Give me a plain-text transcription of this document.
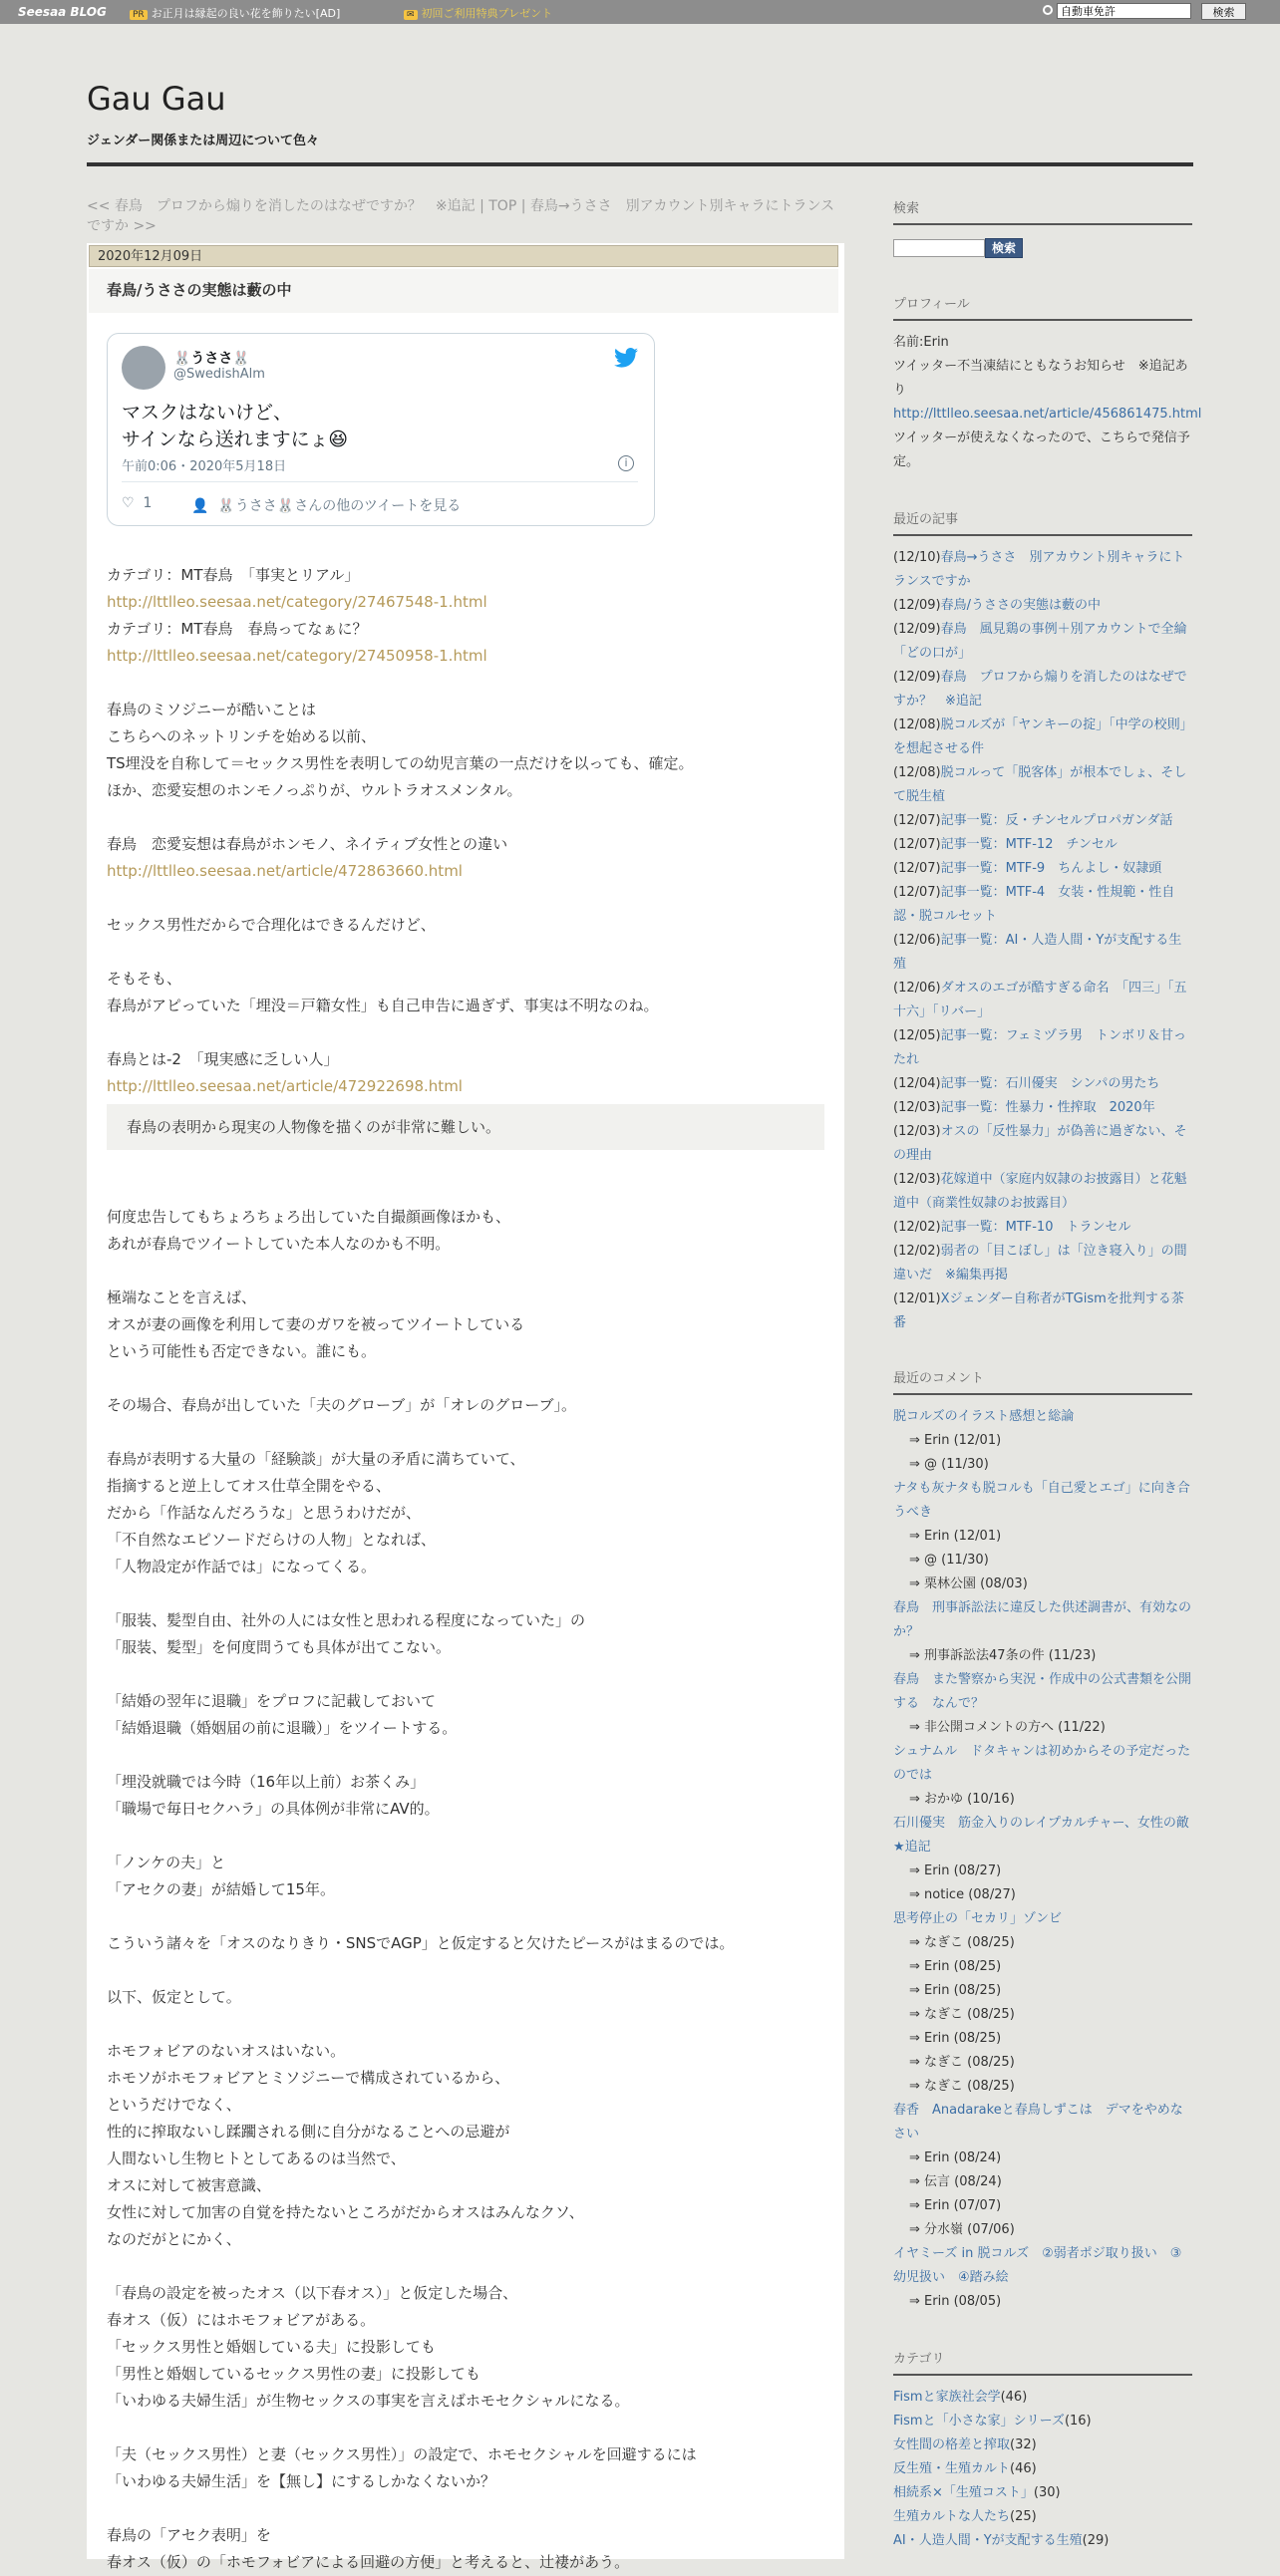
Seesaa BLOG	PR お正月は縁起の良い花を飾りたい[AD]	✉ 初回ご利用特典プレゼント
自動車免許	検索
Gau Gau
ジェンダー関係または周辺について色々
<< 春鳥　プロフから煽りを消したのはなぜですか？　※追記 | TOP | 春鳥→うささ　別アカウント別キャラにトランスですか >>
2020年12月09日
春鳥/うささの実態は藪の中
🐰うささ🐰
@SwedishAlm
マスクはないけど、
サインなら送れますにょ😆
午前0:06・2020年5月18日	i
♡ 1	👤 🐰うささ🐰さんの他のツイートを見る

カテゴリ：MT春鳥　「事実とリアル」

http://lttlleo.seesaa.net/category/27467548-1.html

カテゴリ：MT春鳥　春鳥ってなぁに？

http://lttlleo.seesaa.net/category/27450958-1.html

春鳥のミソジニーが酷いことは

こちらへのネットリンチを始める以前、

TS埋没を自称して＝セックス男性を表明しての幼児言葉の一点だけを以っても、確定。

ほか、恋愛妄想のホンモノっぷりが、ウルトラオスメンタル。

春鳥　恋愛妄想は春鳥がホンモノ、ネイティブ女性との違い

http://lttlleo.seesaa.net/article/472863660.html

セックス男性だからで合理化はできるんだけど、

そもそも、

春鳥がアピっていた「埋没＝戸籍女性」も自己申告に過ぎず、事実は不明なのね。

春鳥とは-2　「現実感に乏しい人」

http://lttlleo.seesaa.net/article/472922698.html

春鳥の表明から現実の人物像を描くのが非常に難しい。

何度忠告してもちょろちょろ出していた自撮顔画像ほかも、

あれが春鳥でツイートしていた本人なのかも不明。

極端なことを言えば、

オスが妻の画像を利用して妻のガワを被ってツイートしている

という可能性も否定できない。誰にも。

その場合、春鳥が出していた「夫のグローブ」が「オレのグローブ」。

春鳥が表明する大量の「経験談」が大量の矛盾に満ちていて、

指摘すると逆上してオス仕草全開をやる、

だから「作話なんだろうな」と思うわけだが、

「不自然なエピソードだらけの人物」となれば、

「人物設定が作話では」になってくる。

「服装、髪型自由、社外の人には女性と思われる程度になっていた」の

「服装、髪型」を何度問うても具体が出てこない。

「結婚の翌年に退職」をプロフに記載しておいて

「結婚退職（婚姻届の前に退職）」をツイートする。

「埋没就職では今時（16年以上前）お茶くみ」

「職場で毎日セクハラ」の具体例が非常にAV的。

「ノンケの夫」と

「アセクの妻」が結婚して15年。

こういう諸々を「オスのなりきり・SNSでAGP」と仮定すると欠けたピースがはまるのでは。

以下、仮定として。

ホモフォビアのないオスはいない。

ホモソがホモフォビアとミソジニーで構成されているから、

というだけでなく、

性的に搾取ないし蹂躙される側に自分がなることへの忌避が

人間ないし生物ヒトとしてあるのは当然で、

オスに対して被害意識、

女性に対して加害の自覚を持たないところがだからオスはみんなクソ、

なのだがとにかく、

「春鳥の設定を被ったオス（以下春オス）」と仮定した場合、

春オス（仮）にはホモフォビアがある。

「セックス男性と婚姻している夫」に投影しても

「男性と婚姻しているセックス男性の妻」に投影しても

「いわゆる夫婦生活」が生物セックスの事実を言えばホモセクシャルになる。

「夫（セックス男性）と妻（セックス男性）」の設定で、ホモセクシャルを回避するには

「いわゆる夫婦生活」を【無し】にするしかなくないか？

春鳥の「アセク表明」を

春オス（仮）の「ホモフォビアによる回避の方便」と考えると、辻褄があう。

検索
検索
プロフィール
名前:Erin
ツイッター不当凍結にともなうお知らせ　※追記あり
http://lttlleo.seesaa.net/article/456861475.html
ツイッターが使えなくなったので、こちらで発信予定。
最近の記事
(12/10)春鳥→うささ　別アカウント別キャラにトランスですか
(12/09)春鳥/うささの実態は藪の中
(12/09)春鳥　風見鶏の事例＋別アカウントで全綸「どの口が」
(12/09)春鳥　プロフから煽りを消したのはなぜですか？　※追記
(12/08)脱コルズが「ヤンキーの掟」「中学の校則」を想起させる件
(12/08)脱コルって「脱客体」が根本でしょ、そして脱生植
(12/07)記事一覧：反・チンセルプロパガンダ話
(12/07)記事一覧：MTF-12　チンセル
(12/07)記事一覧：MTF-9　ちんよし・奴隷頭
(12/07)記事一覧：MTF-4　女装・性規範・性自認・脱コルセット
(12/06)記事一覧：AI・人造人間・Yが支配する生殖
(12/06)ダオスのエゴが酷すぎる命名　「四三」「五十六」「リバー」
(12/05)記事一覧：フェミヅラ男　トンボリ＆甘ったれ
(12/04)記事一覧：石川優実　シンパの男たち
(12/03)記事一覧：性暴力・性搾取　2020年
(12/03)オスの「反性暴力」が偽善に過ぎない、その理由
(12/03)花嫁道中（家庭内奴隷のお披露目）と花魁道中（商業性奴隷のお披露目）
(12/02)記事一覧：MTF-10　トランセル
(12/02)弱者の「目こぼし」は「泣き寝入り」の間違いだ　※編集再掲
(12/01)Xジェンダー自称者がTGismを批判する茶番
最近のコメント
脱コルズのイラスト感想と総論
⇒ Erin (12/01)
⇒ @ (11/30)
ナタも灰ナタも脱コルも「自己愛とエゴ」に向き合うべき
⇒ Erin (12/01)
⇒ @ (11/30)
⇒ 栗林公園 (08/03)
春鳥　刑事訴訟法に違反した供述調書が、有効なのか？
⇒ 刑事訴訟法47条の件 (11/23)
春鳥　また警察から実況・作成中の公式書類を公開する　なんで？
⇒ 非公開コメントの方へ (11/22)
シュナムル　ドタキャンは初めからその予定だったのでは
⇒ おかゆ (10/16)
石川優実　筋金入りのレイプカルチャー、女性の敵　★追記
⇒ Erin (08/27)
⇒ notice (08/27)
思考停止の「セカリ」ゾンビ
⇒ なぎこ (08/25)
⇒ Erin (08/25)
⇒ Erin (08/25)
⇒ なぎこ (08/25)
⇒ Erin (08/25)
⇒ なぎこ (08/25)
⇒ なぎこ (08/25)
春香　Anadarakeと春鳥しずこは　デマをやめなさい
⇒ Erin (08/24)
⇒ 伝言 (08/24)
⇒ Erin (07/07)
⇒ 分水嶺 (07/06)
イヤミーズ in 脱コルズ　②弱者ポジ取り扱い　③幼児扱い　④踏み絵
⇒ Erin (08/05)
カテゴリ
Fismと家族社会学(46)
Fismと「小さな家」シリーズ(16)
女性間の格差と搾取(32)
反生殖・生殖カルト(46)
相続系×「生殖コスト」(30)
生殖カルトな人たち(25)
AI・人造人間・Yが支配する生殖(29)
